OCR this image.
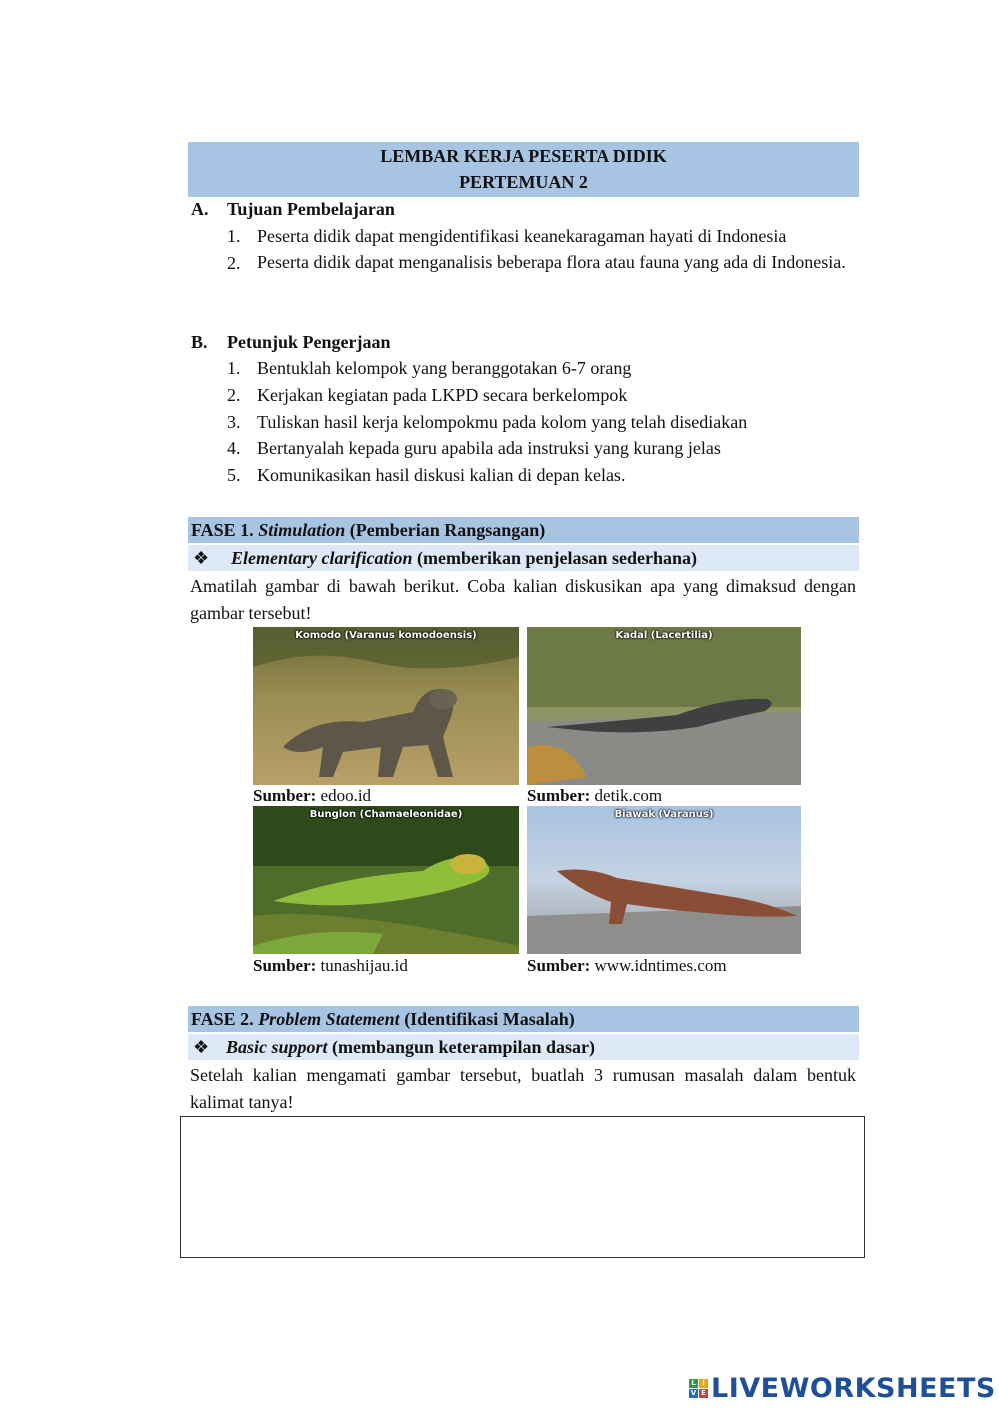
LEMBAR KERJA PESERTA DIDIK
PERTEMUAN 2
A. Tujuan Pembelajaran
1. Peserta didik dapat mengidentifikasi keanekaragaman hayati di Indonesia
2. Peserta didik dapat menganalisis beberapa flora atau fauna yang ada di Indonesia.
B. Petunjuk Pengerjaan
1. Bentuklah kelompok yang beranggotakan 6-7 orang
2. Kerjakan kegiatan pada LKPD secara berkelompok
3. Tuliskan hasil kerja kelompokmu pada kolom yang telah disediakan
4. Bertanyalah kepada guru apabila ada instruksi yang kurang jelas
5. Komunikasikan hasil diskusi kalian di depan kelas.
FASE 1. Stimulation (Pemberian Rangsangan)
❖ Elementary clarification (memberikan penjelasan sederhana)
Amatilah gambar di bawah berikut. Coba kalian diskusikan apa yang dimaksud dengan gambar tersebut!
Komodo (Varanus komodoensis)
Sumber: edoo.id
Kadal (Lacertilia)
Sumber: detik.com
Bunglon (Chamaeleonidae)
Sumber: tunashijau.id
Biawak (Varanus)
Sumber: www.idntimes.com
FASE 2. Problem Statement (Identifikasi Masalah)
❖ Basic support (membangun keterampilan dasar)
Setelah kalian mengamati gambar tersebut, buatlah 3 rumusan masalah dalam bentuk kalimat tanya!
L I
V E LIVEWORKSHEETS
